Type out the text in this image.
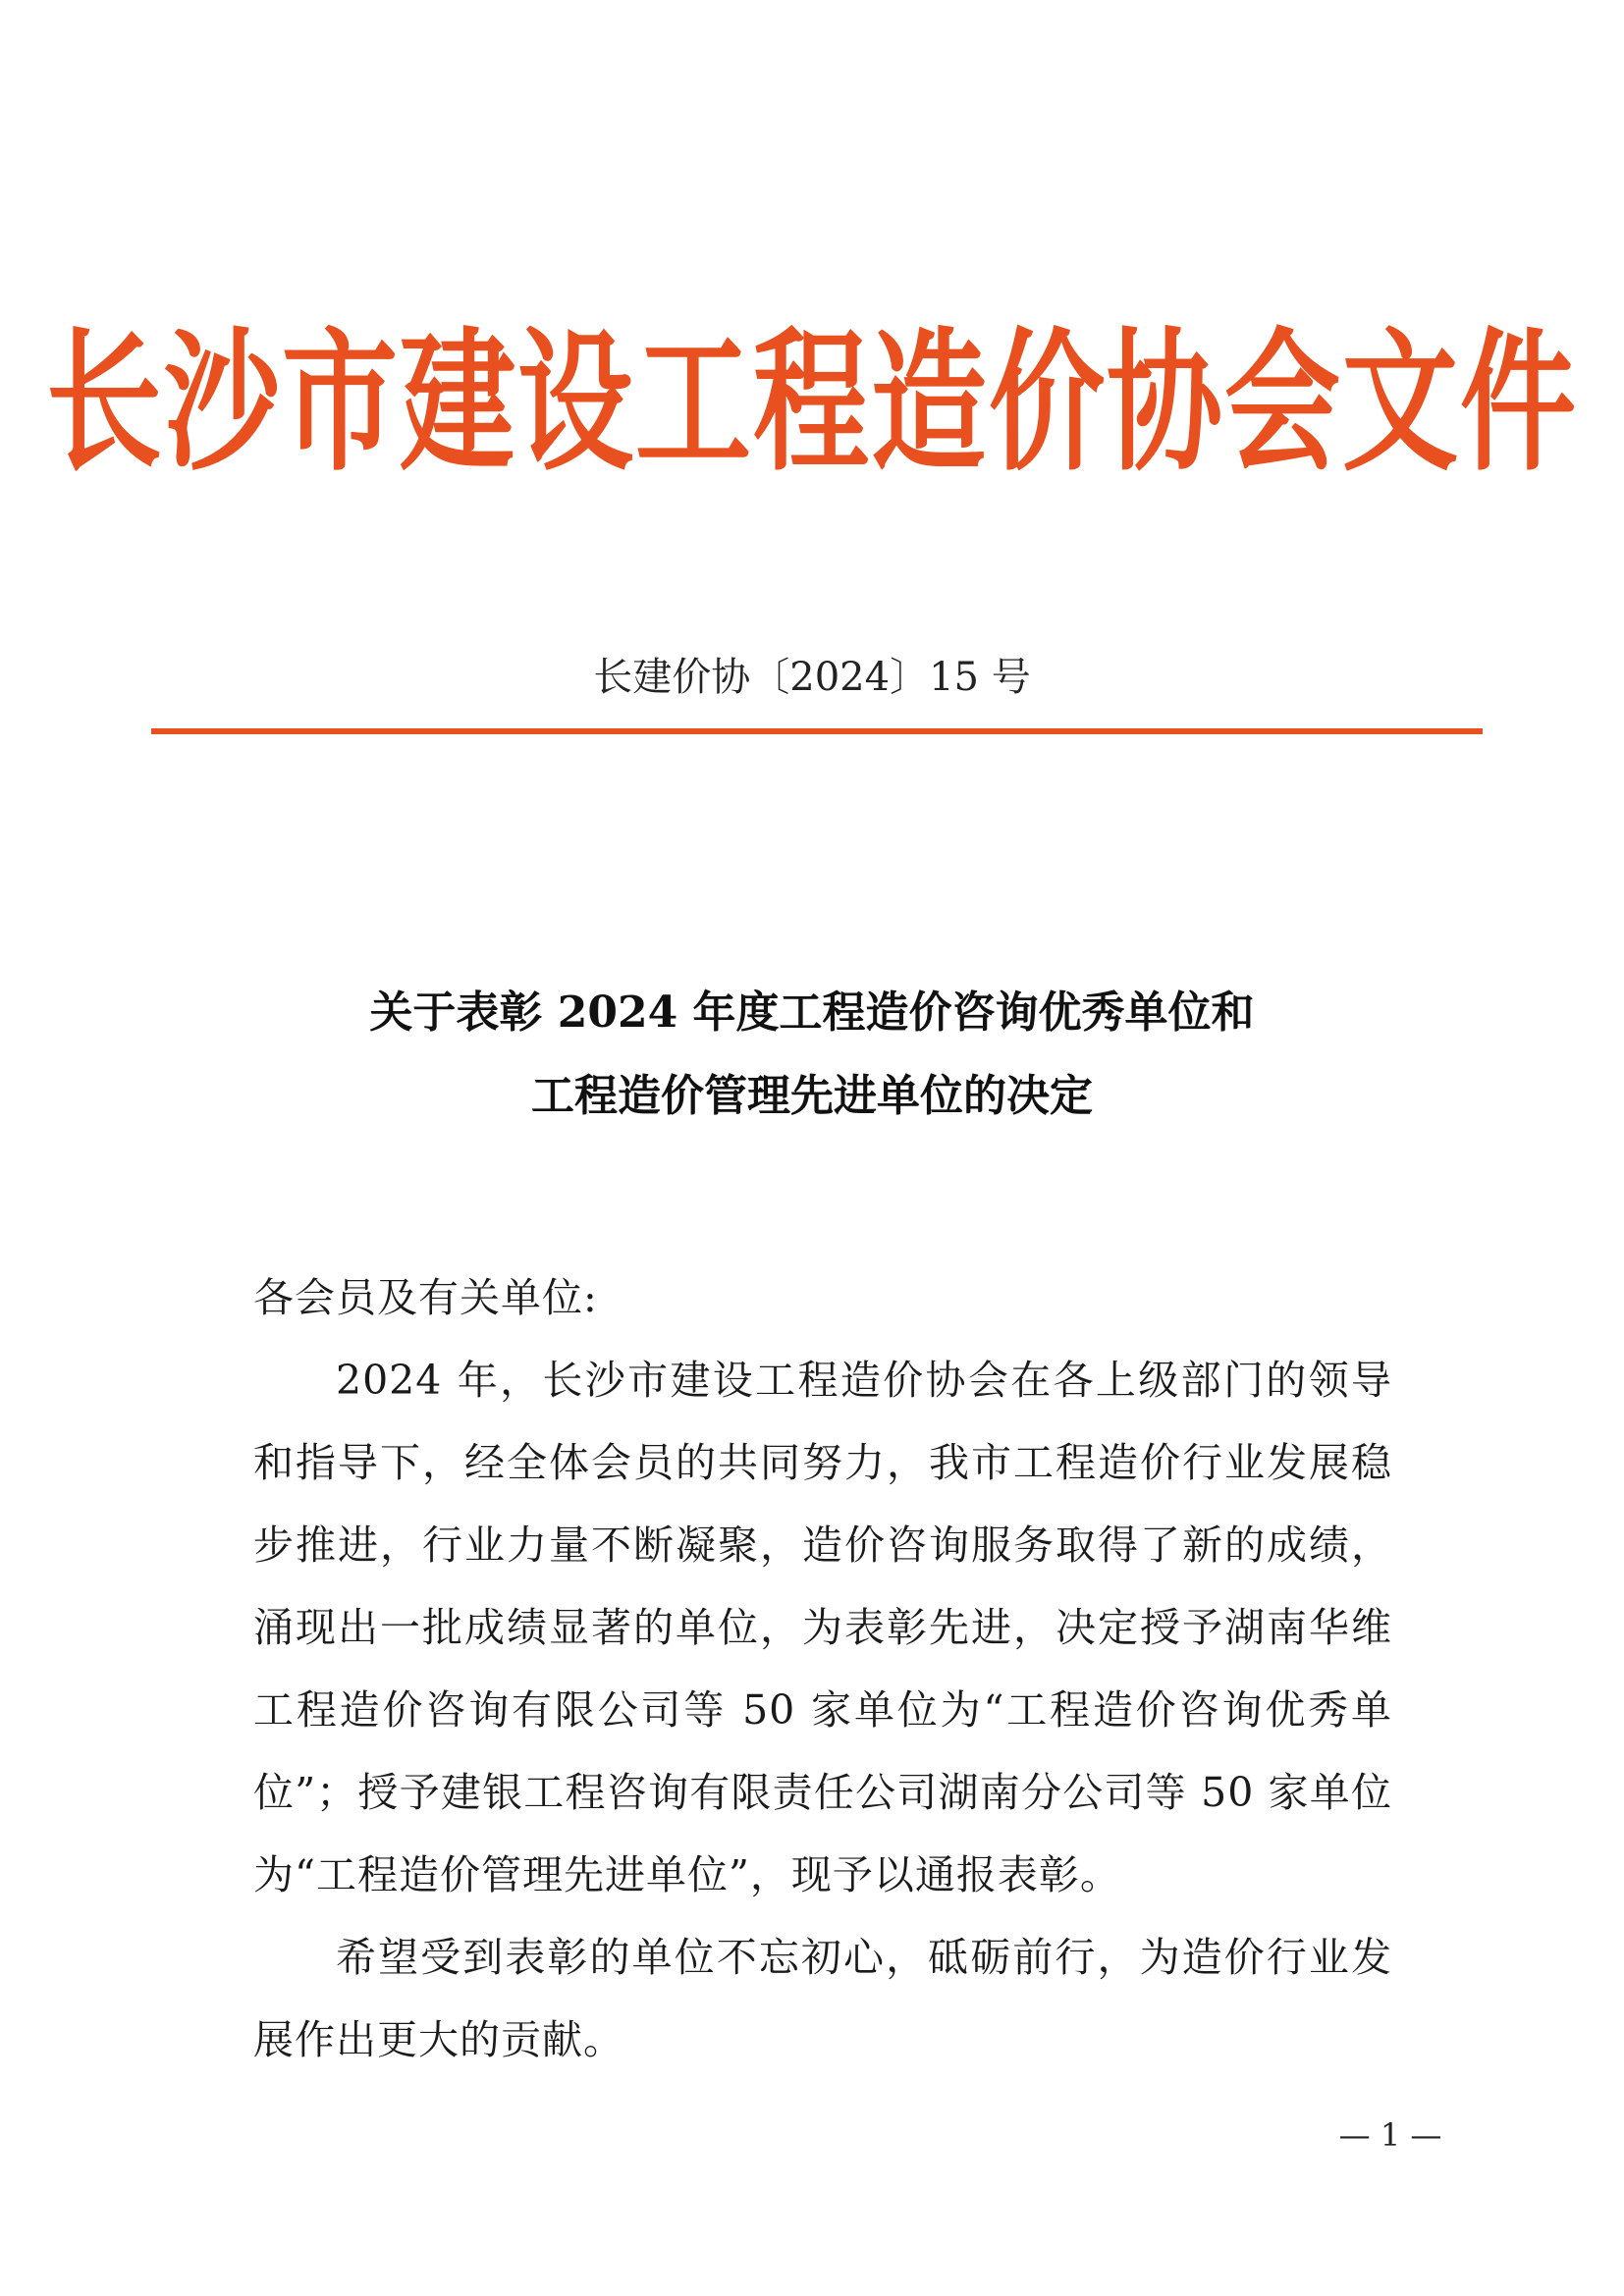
长沙市建设工程造价协会文件
长建价协〔2024〕15 号
关于表彰 2024 年度工程造价咨询优秀单位和
工程造价管理先进单位的决定
各会员及有关单位:
2024 年，长沙市建设工程造价协会在各上级部门的领导和指导下，经全体会员的共同努力，我市工程造价行业发展稳步推进，行业力量不断凝聚，造价咨询服务取得了新的成绩，涌现出一批成绩显著的单位，为表彰先进，决定授予湖南华维工程造价咨询有限公司等 50 家单位为“工程造价咨询优秀单位”；授予建银工程咨询有限责任公司湖南分公司等 50 家单位为“工程造价管理先进单位”，现予以通报表彰。
希望受到表彰的单位不忘初心，砥砺前行，为造价行业发展作出更大的贡献。
— 1 —
